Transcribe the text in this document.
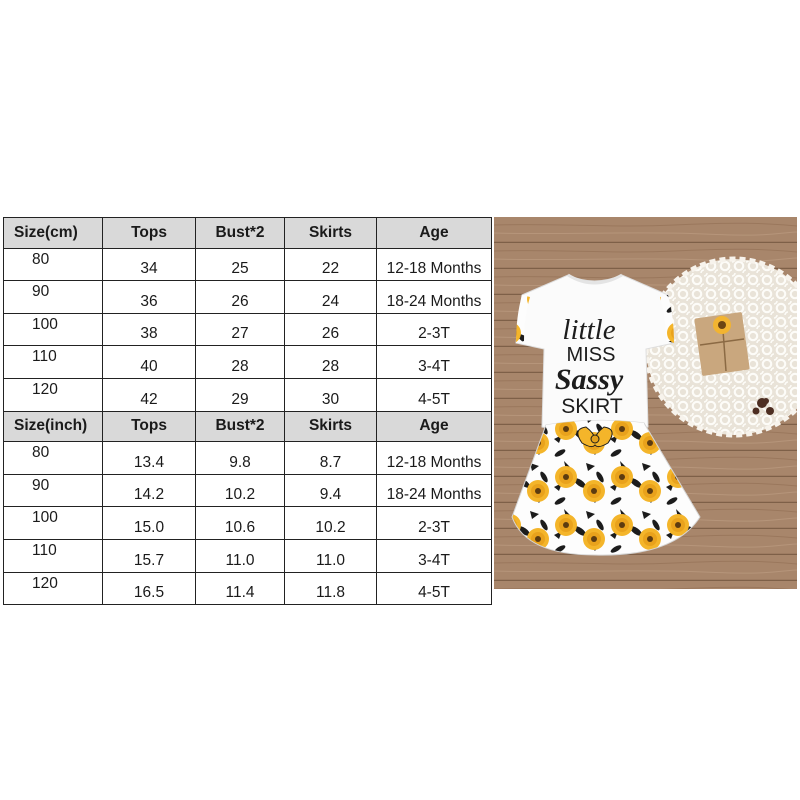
Size(cm)	Tops	Bust*2	Skirts	Age
80	34	25	22	12-18 Months
90	36	26	24	18-24 Months
100	38	27	26	2-3T
110	40	28	28	3-4T
120	42	29	30	4-5T
Size(inch)	Tops	Bust*2	Skirts	Age
80	13.4	9.8	8.7	12-18 Months
90	14.2	10.2	9.4	18-24 Months
100	15.0	10.6	10.2	2-3T
110	15.7	11.0	11.0	3-4T
120	16.5	11.4	11.8	4-5T
little
MISS
Sassy
SKIRT
